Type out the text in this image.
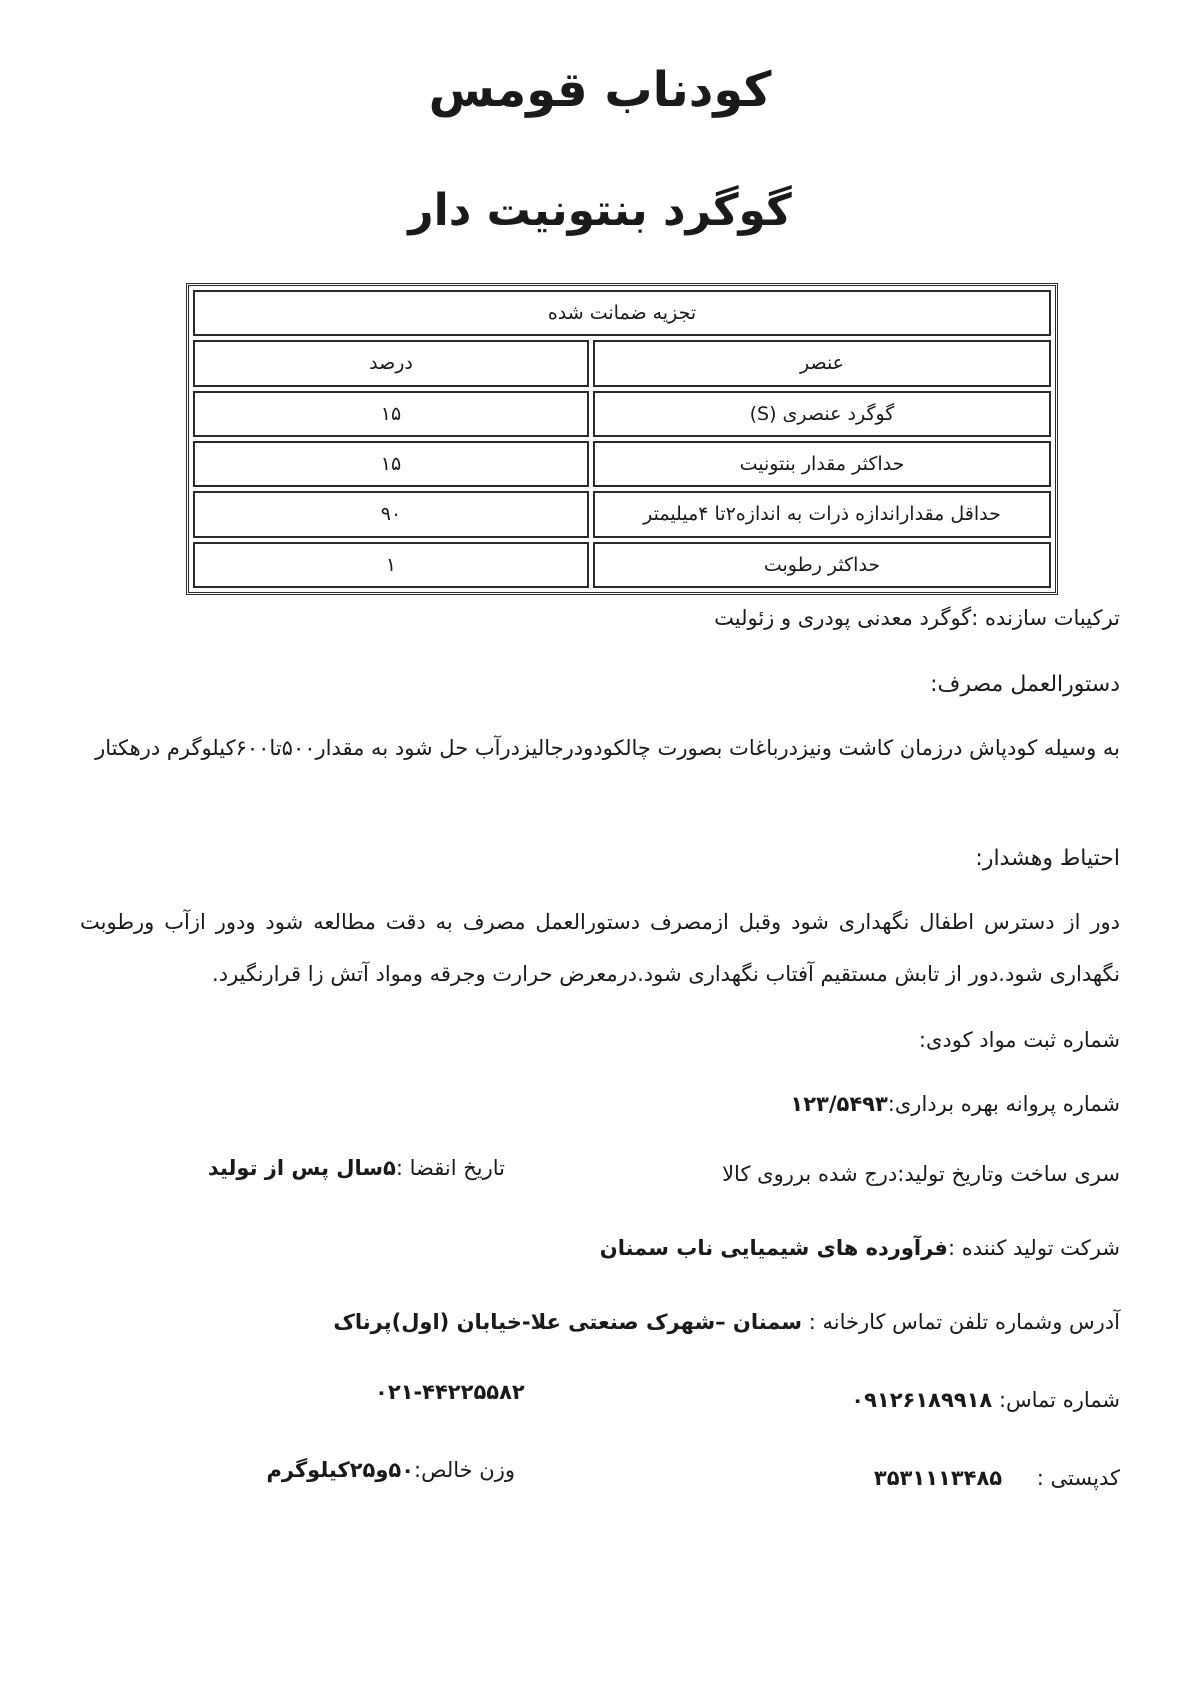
کودناب قومس
گوگرد بنتونیت دار
تجزیه ضمانت شده	
عنصر	درصد
گوگرد عنصری (S)	۱۵
حداکثر مقدار بنتونیت	۱۵
حداقل مقداراندازه ذرات به اندازه۲تا ۴میلیمتر	۹۰
حداکثر رطوبت	۱
ترکیبات سازنده :گوگرد معدنی پودری و زئولیت
دستورالعمل مصرف:
به وسیله کودپاش درزمان کاشت ونیزدرباغات بصورت چالکودودرجالیزدرآب حل شود به مقدار۵۰۰تا۶۰۰کیلوگرم درهکتار
احتیاط وهشدار:
دور از دسترس اطفال نگهداری شود وقبل ازمصرف دستورالعمل مصرف به دقت مطالعه شود ودور ازآب ورطوبت نگهداری شود.دور از تابش مستقیم آفتاب نگهداری شود.درمعرض حرارت وجرقه ومواد آتش زا قرارنگیرد.
شماره ثبت مواد کودی:
شماره پروانه بهره برداری:۱۲۳/۵۴۹۳
سری ساخت وتاریخ تولید:درج شده برروی کالا
تاریخ انقضا :۵سال پس از تولید
شرکت تولید کننده :فرآورده های شیمیایی ناب سمنان
آدرس وشماره تلفن تماس کارخانه : سمنان –شهرک صنعتی علا-خیابان (اول)پرناک
۰۲۱-۴۴۲۲۵۵۸۲	شماره تماس: ۰۹۱۲۶۱۸۹۹۱۸
کدپستی : ۳۵۳۱۱۱۳۴۸۵
وزن خالص:۵۰و۲۵کیلوگرم
